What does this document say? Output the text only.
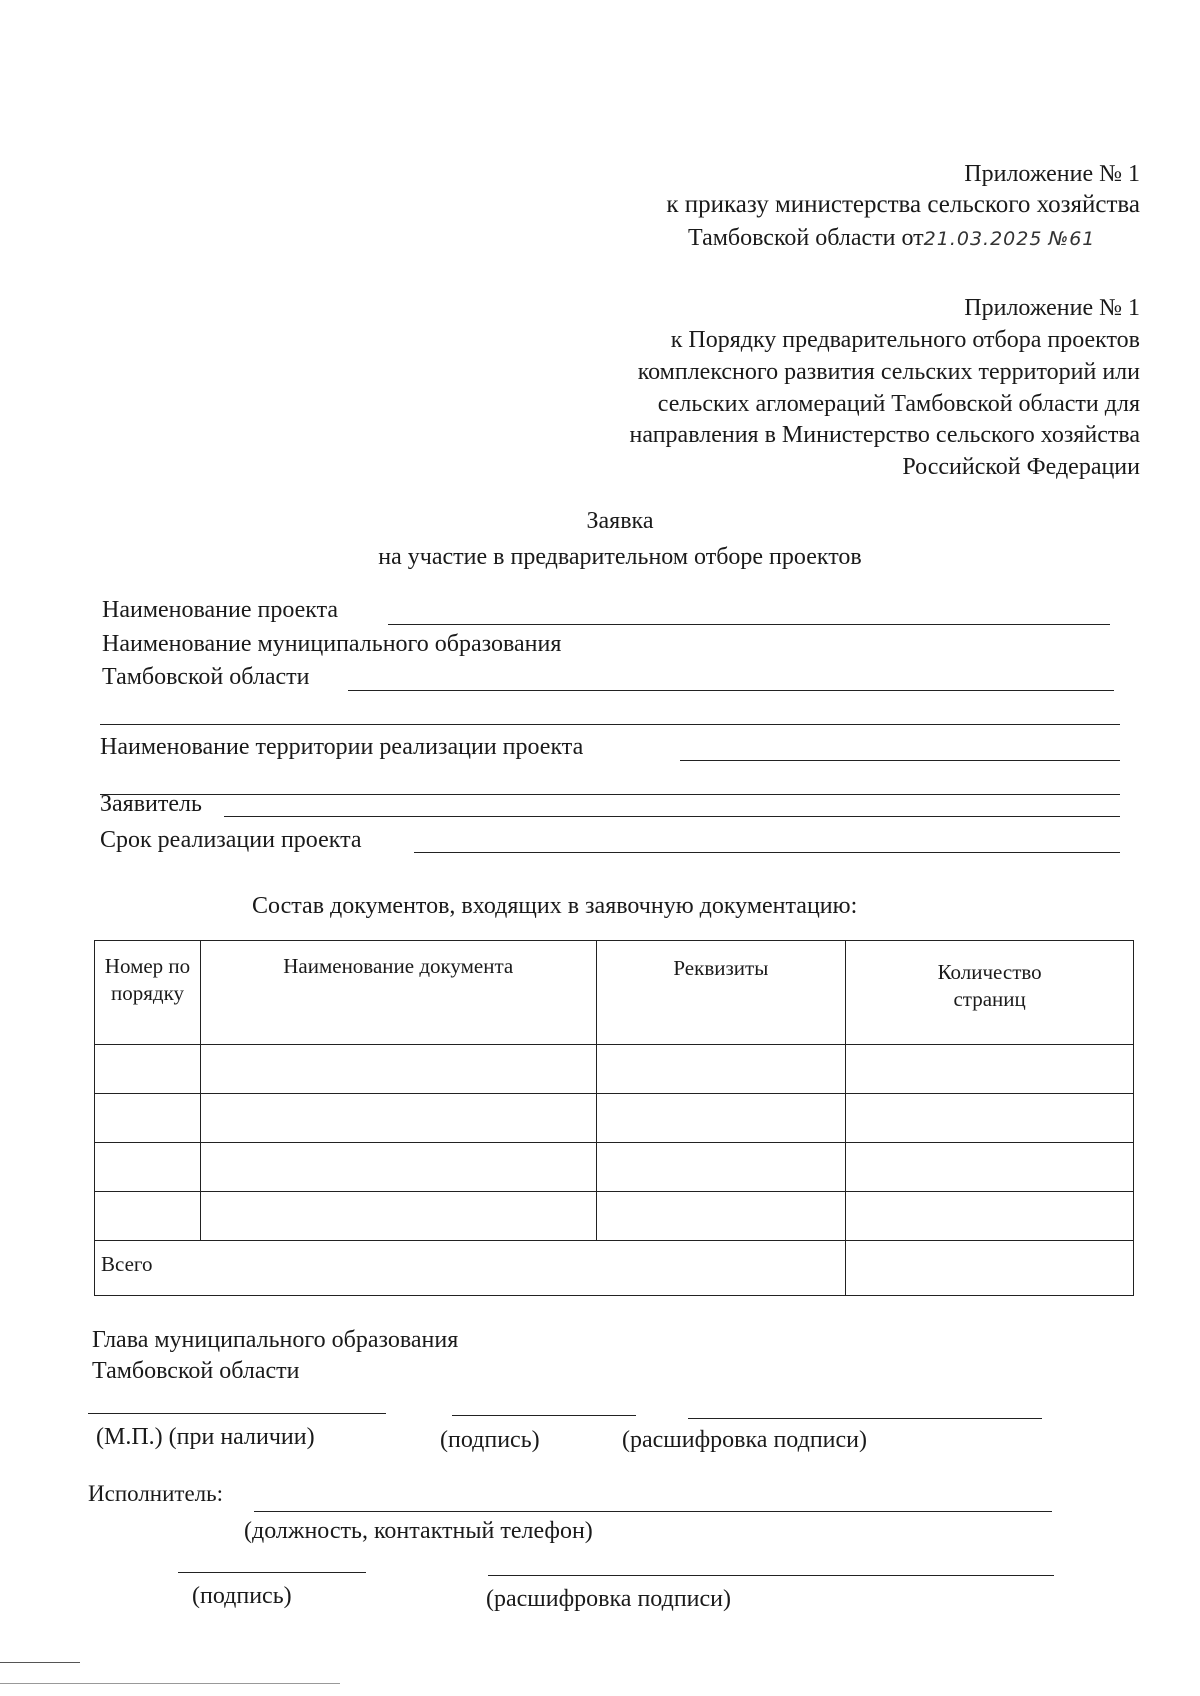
Приложение № 1
к приказу министерства сельского хозяйства
Тамбовской области от21.03.2025 №61
Приложение № 1
к Порядку предварительного отбора проектов
комплексного развития сельских территорий или
сельских агломераций Тамбовской области для
направления в Министерство сельского хозяйства
Российской Федерации
Заявка
на участие в предварительном отборе проектов
Наименование проекта
Наименование муниципального образования
Тамбовской области
Наименование территории реализации проекта
Заявитель
Срок реализации проекта
Состав документов, входящих в заявочную документацию:
Номер по порядку	Наименование документа	Реквизиты	Количество страниц

Всего			
Глава муниципального образования
Тамбовской области
(М.П.) (при наличии)	(подпись)	(расшифровка подписи)
Исполнитель:
(должность, контактный телефон)
(подпись)	(расшифровка подписи)
